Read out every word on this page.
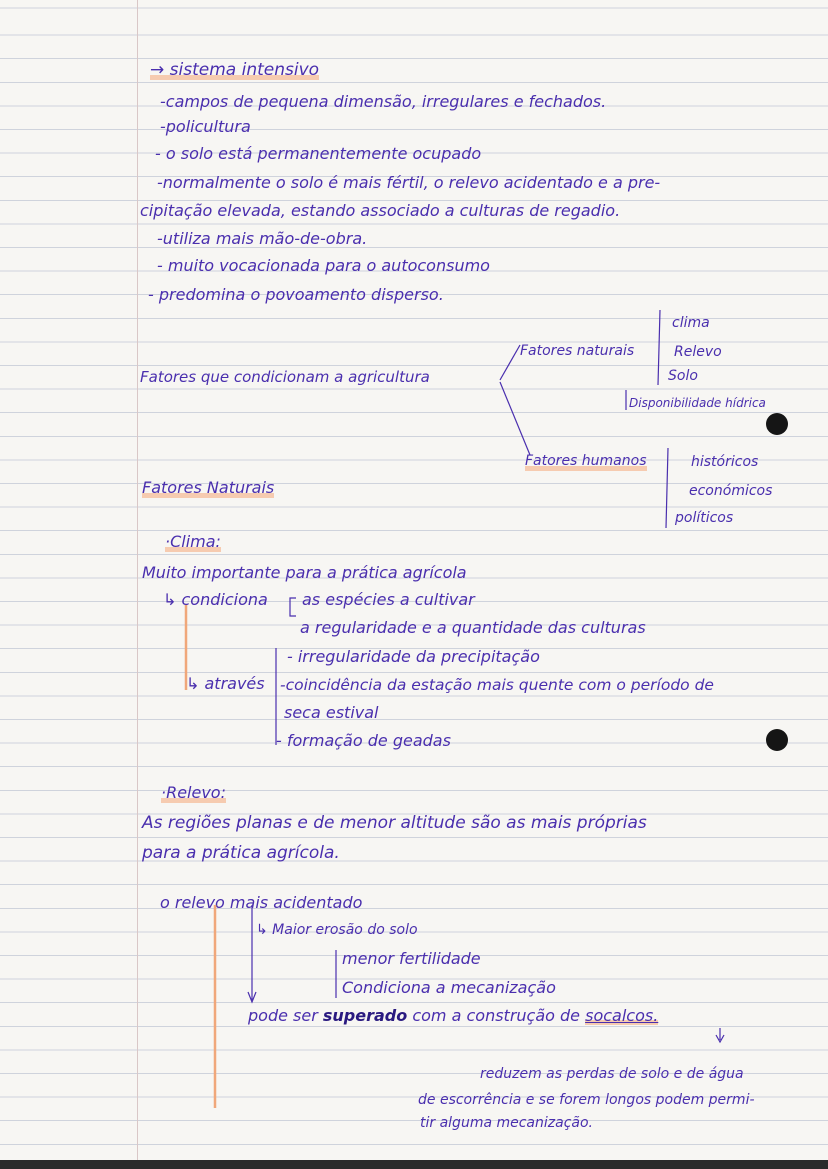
→ sistema intensivo
-campos de pequena dimensão, irregulares e fechados.
-policultura
- o solo está permanentemente ocupado
-normalmente o solo é mais fértil, o relevo acidentado e a pre-
cipitação elevada, estando associado a culturas de regadio.
-utiliza mais mão-de-obra.
- muito vocacionada para o autoconsumo
- predomina o povoamento disperso.
Fatores que condicionam a agricultura
Fatores naturais
clima
Relevo
Solo
Disponibilidade hídrica
Fatores humanos	históricos
económicos
políticos
Fatores Naturais
·Clima:
Muito importante para a prática agrícola
↳ condiciona as espécies a cultivar
a regularidade e a quantidade das culturas
↳ através
- irregularidade da precipitação
-coincidência da estação mais quente com o período de
seca estival
- formação de geadas
·Relevo:
As regiões planas e de menor altitude são as mais próprias
para a prática agrícola.
o relevo mais acidentado
↳ Maior erosão do solo
menor fertilidade
Condiciona a mecanização
pode ser superado com a construção de socalcos.
reduzem as perdas de solo e de água
de escorrência e se forem longos podem permi-
tir alguma mecanização.
